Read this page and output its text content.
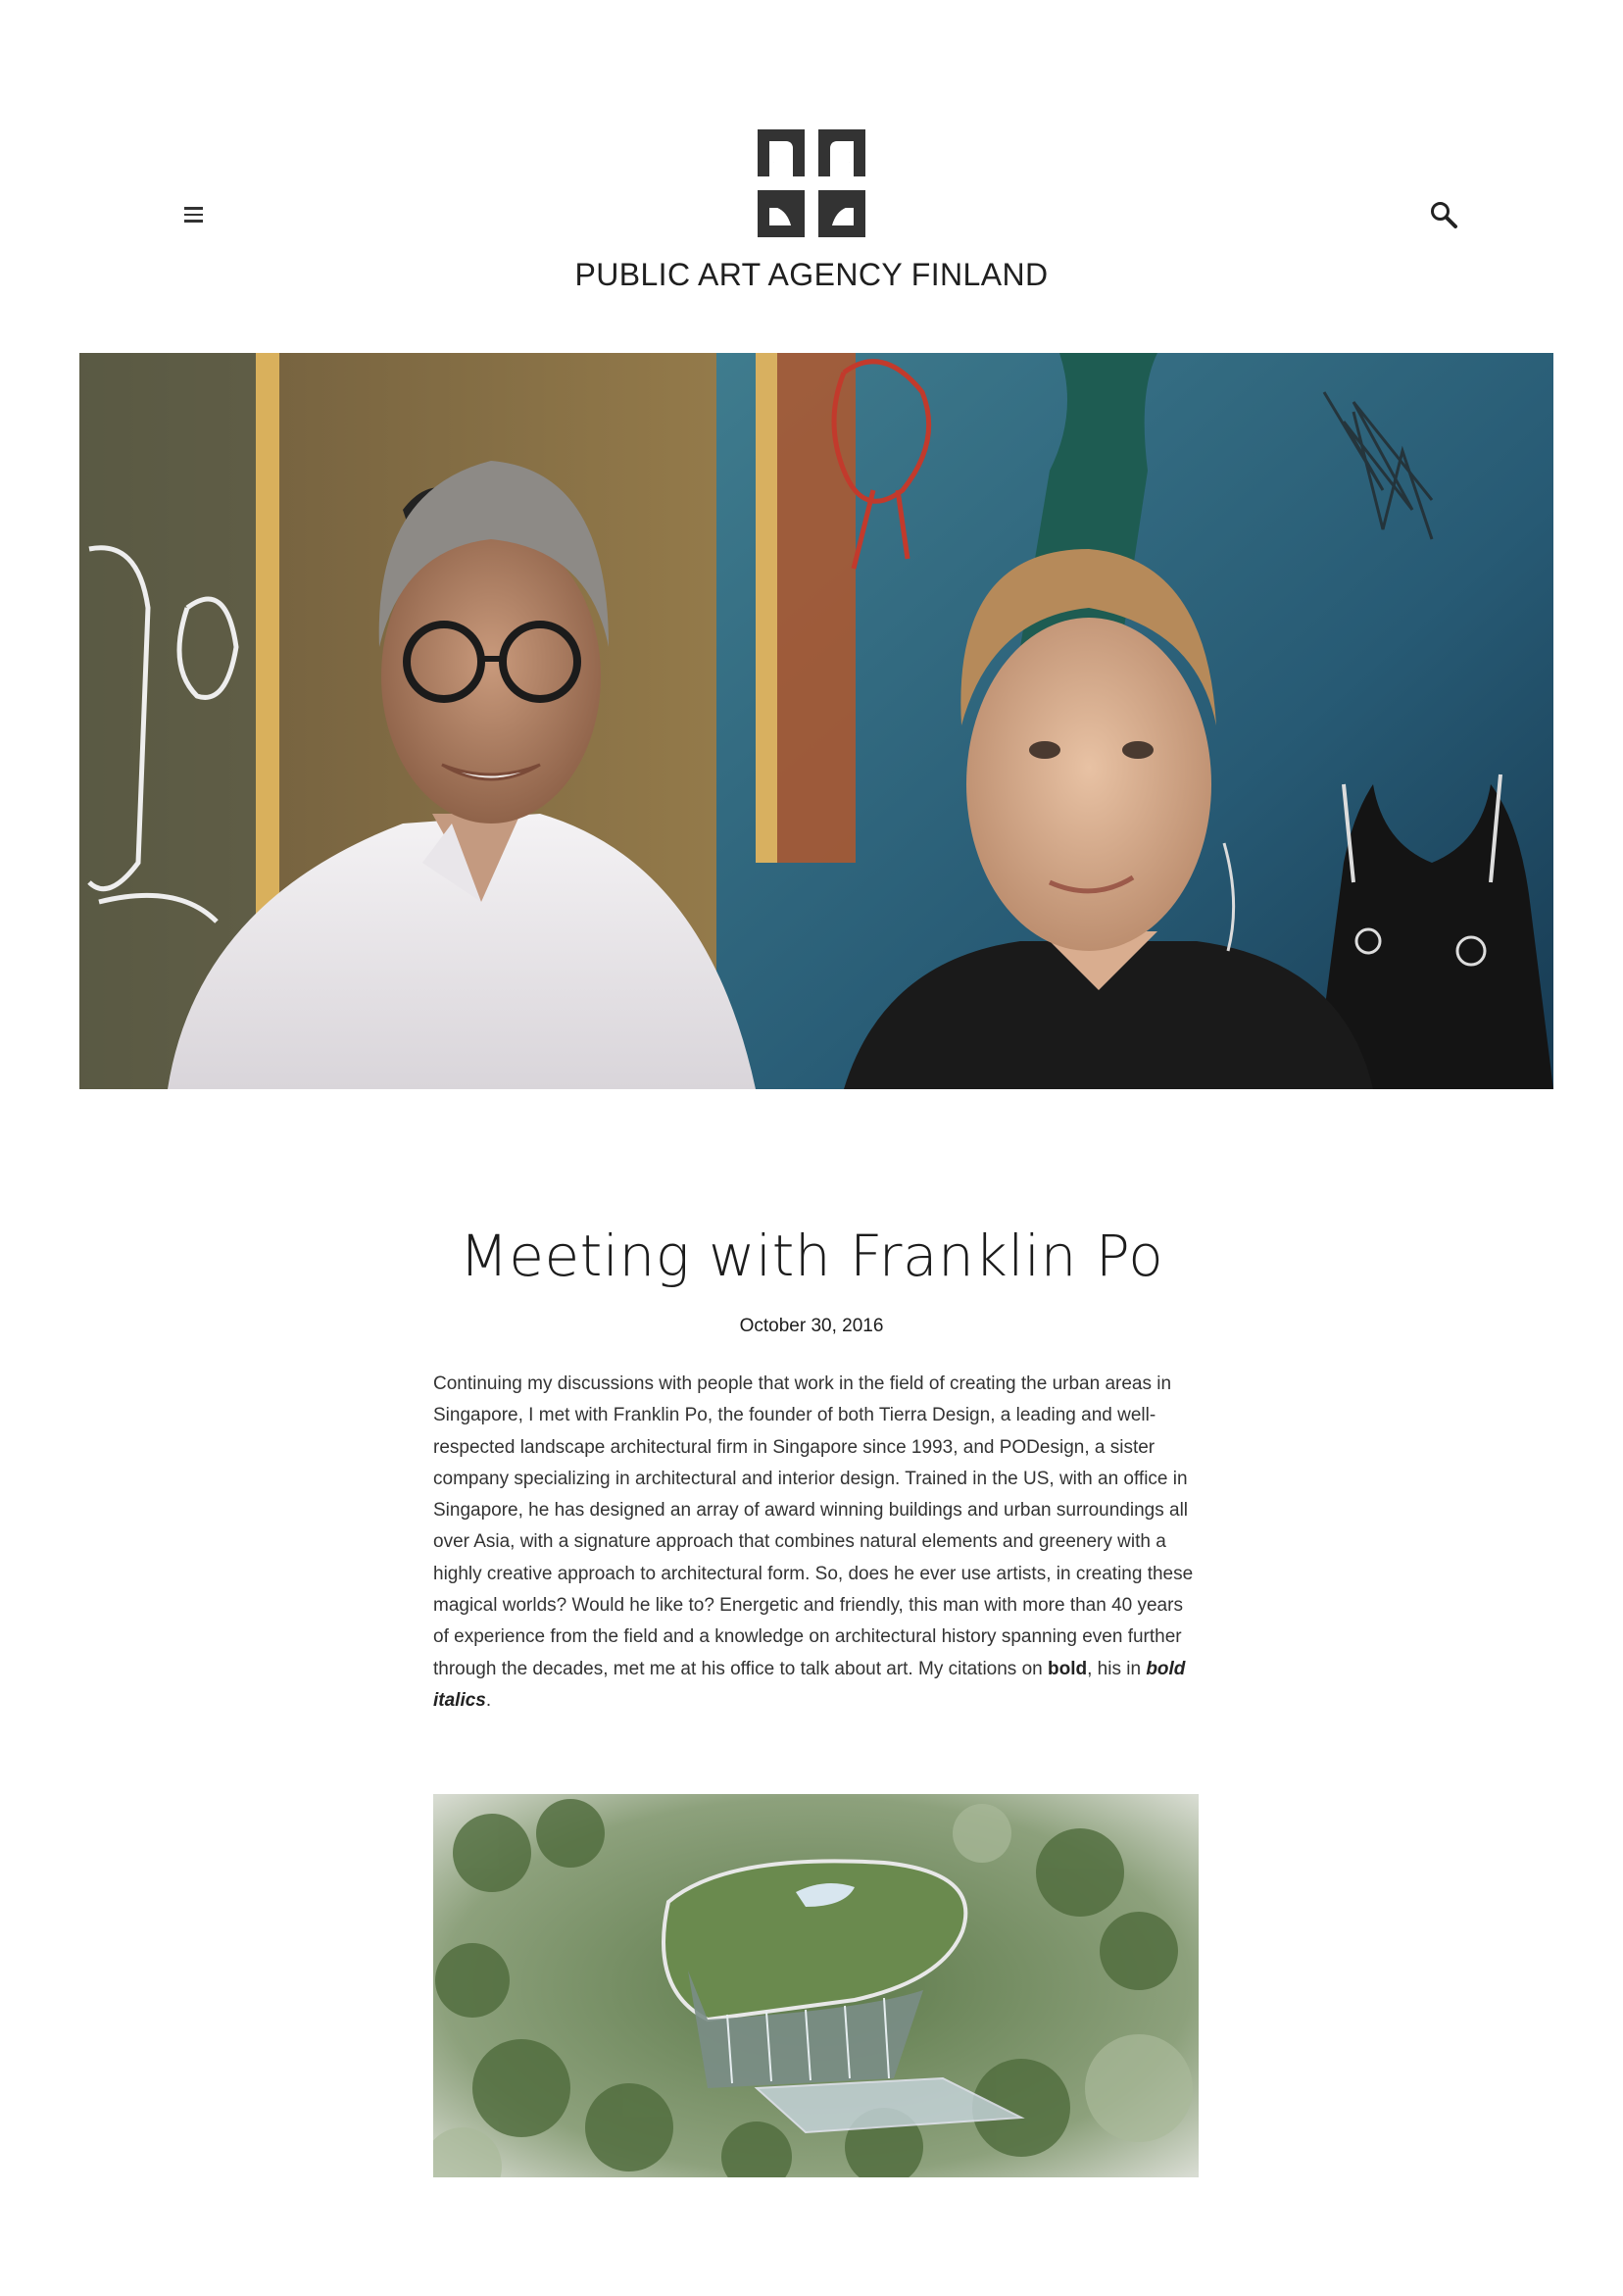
PUBLIC ART AGENCY FINLAND
Meeting with Franklin Po
October 30, 2016

Continuing my discussions with people that work in the field of creating the urban areas in Singapore, I met with Franklin Po, the founder of both Tierra Design, a leading and well-respected landscape architectural firm in Singapore since 1993, and PODesign, a sister company specializing in architectural and interior design. Trained in the US, with an office in Singapore, he has designed an array of award winning buildings and urban surroundings all over Asia, with a signature approach that combines natural elements and greenery with a highly creative approach to architectural form. So, does he ever use artists, in creating these magical worlds? Would he like to? Energetic and friendly, this man with more than 40 years of experience from the field and a knowledge on architectural history spanning even further through the decades, met me at his office to talk about art. My citations on bold, his in bold italics.
